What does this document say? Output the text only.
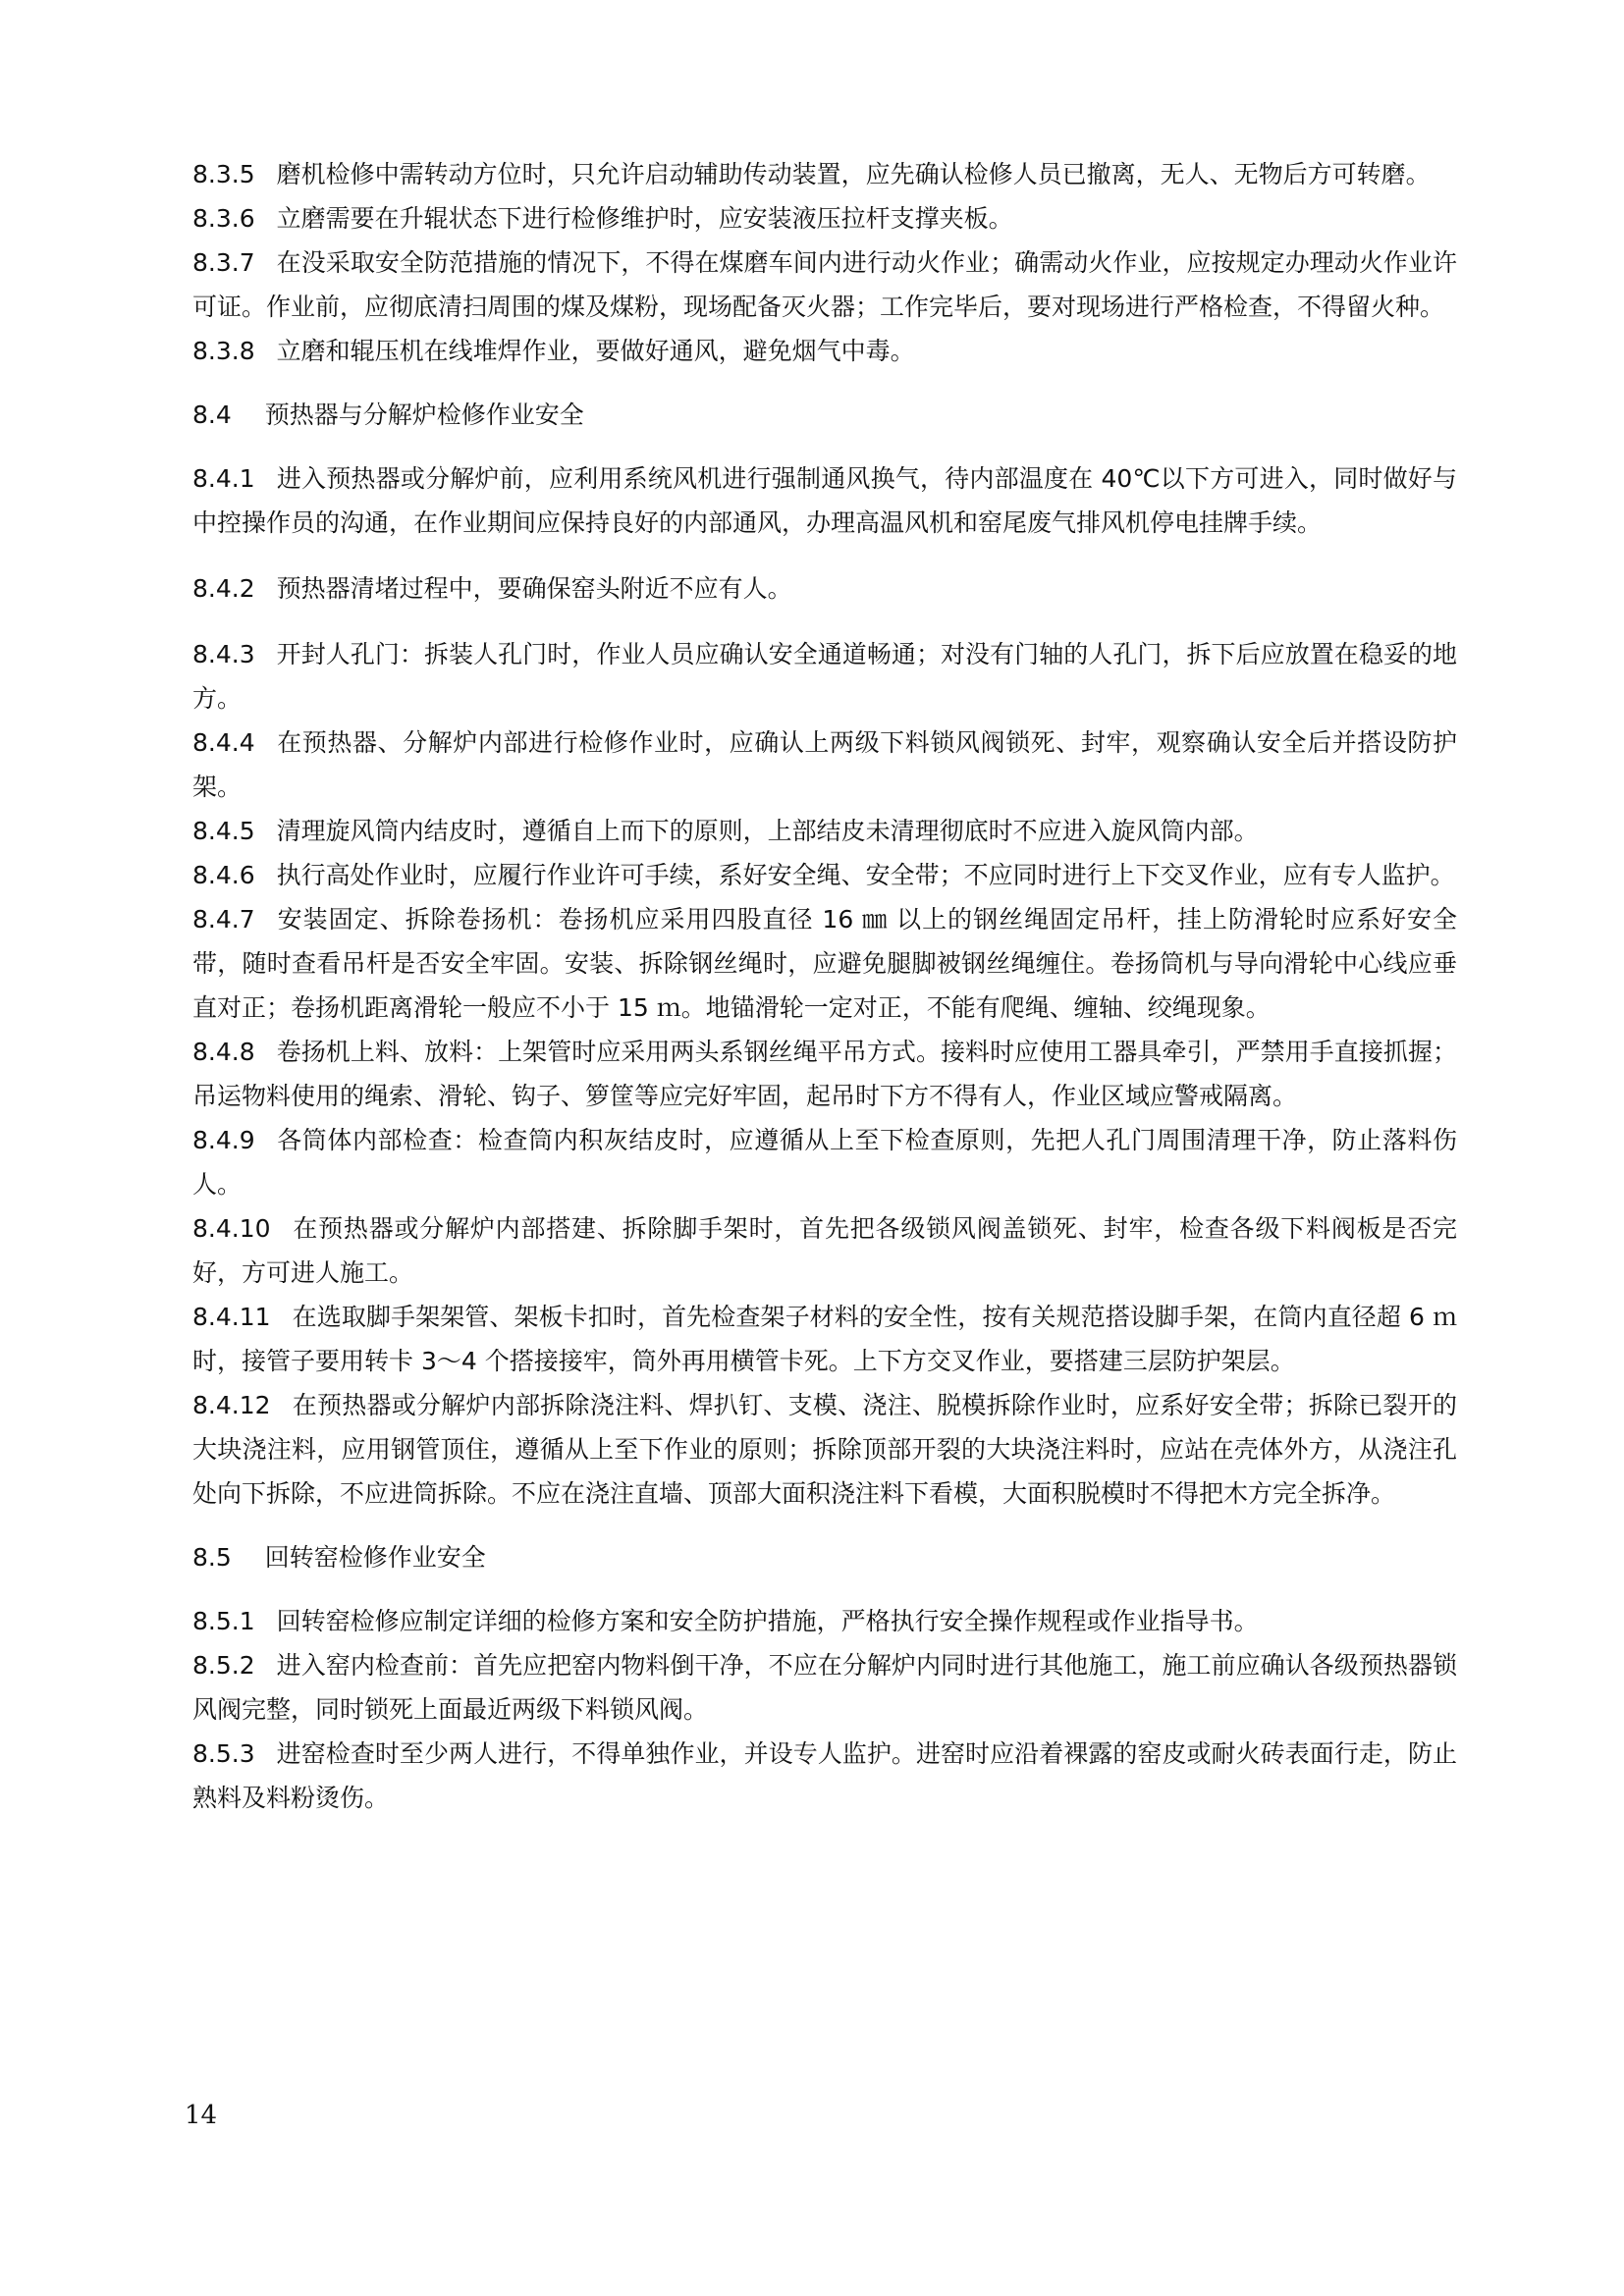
8.3.5 磨机检修中需转动方位时，只允许启动辅助传动装置，应先确认检修人员已撤离，无人、无物后方可转磨。

8.3.6 立磨需要在升辊状态下进行检修维护时，应安装液压拉杆支撑夹板。

8.3.7 在没采取安全防范措施的情况下，不得在煤磨车间内进行动火作业；确需动火作业，应按规定办理动火作业许可证。作业前，应彻底清扫周围的煤及煤粉，现场配备灭火器；工作完毕后，要对现场进行严格检查，不得留火种。

8.3.8 立磨和辊压机在线堆焊作业，要做好通风，避免烟气中毒。

8.4 预热器与分解炉检修作业安全

8.4.1 进入预热器或分解炉前，应利用系统风机进行强制通风换气，待内部温度在 40℃以下方可进入，同时做好与中控操作员的沟通，在作业期间应保持良好的内部通风，办理高温风机和窑尾废气排风机停电挂牌手续。

8.4.2 预热器清堵过程中，要确保窑头附近不应有人。

8.4.3 开封人孔门：拆装人孔门时，作业人员应确认安全通道畅通；对没有门轴的人孔门，拆下后应放置在稳妥的地方。

8.4.4 在预热器、分解炉内部进行检修作业时，应确认上两级下料锁风阀锁死、封牢，观察确认安全后并搭设防护架。

8.4.5 清理旋风筒内结皮时，遵循自上而下的原则，上部结皮未清理彻底时不应进入旋风筒内部。

8.4.6 执行高处作业时，应履行作业许可手续，系好安全绳、安全带；不应同时进行上下交叉作业，应有专人监护。

8.4.7 安装固定、拆除卷扬机：卷扬机应采用四股直径 16 ㎜ 以上的钢丝绳固定吊杆，挂上防滑轮时应系好安全带，随时查看吊杆是否安全牢固。安装、拆除钢丝绳时，应避免腿脚被钢丝绳缠住。卷扬筒机与导向滑轮中心线应垂直对正；卷扬机距离滑轮一般应不小于 15 ｍ。地锚滑轮一定对正，不能有爬绳、缠轴、绞绳现象。

8.4.8 卷扬机上料、放料：上架管时应采用两头系钢丝绳平吊方式。接料时应使用工器具牵引，严禁用手直接抓握；吊运物料使用的绳索、滑轮、钩子、箩筐等应完好牢固，起吊时下方不得有人，作业区域应警戒隔离。

8.4.9 各筒体内部检查：检查筒内积灰结皮时，应遵循从上至下检查原则，先把人孔门周围清理干净，防止落料伤人。

8.4.10 在预热器或分解炉内部搭建、拆除脚手架时，首先把各级锁风阀盖锁死、封牢，检查各级下料阀板是否完好，方可进人施工。

8.4.11 在选取脚手架架管、架板卡扣时，首先检查架子材料的安全性，按有关规范搭设脚手架，在筒内直径超 6 ｍ 时，接管子要用转卡 3～4 个搭接接牢，筒外再用横管卡死。上下方交叉作业，要搭建三层防护架层。

8.4.12 在预热器或分解炉内部拆除浇注料、焊扒钉、支模、浇注、脱模拆除作业时，应系好安全带；拆除已裂开的大块浇注料，应用钢管顶住，遵循从上至下作业的原则；拆除顶部开裂的大块浇注料时，应站在壳体外方，从浇注孔处向下拆除，不应进筒拆除。不应在浇注直墙、顶部大面积浇注料下看模，大面积脱模时不得把木方完全拆净。

8.5 回转窑检修作业安全

8.5.1 回转窑检修应制定详细的检修方案和安全防护措施，严格执行安全操作规程或作业指导书。

8.5.2 进入窑内检查前：首先应把窑内物料倒干净，不应在分解炉内同时进行其他施工，施工前应确认各级预热器锁风阀完整，同时锁死上面最近两级下料锁风阀。

8.5.3 进窑检查时至少两人进行，不得单独作业，并设专人监护。进窑时应沿着裸露的窑皮或耐火砖表面行走，防止熟料及料粉烫伤。

14
